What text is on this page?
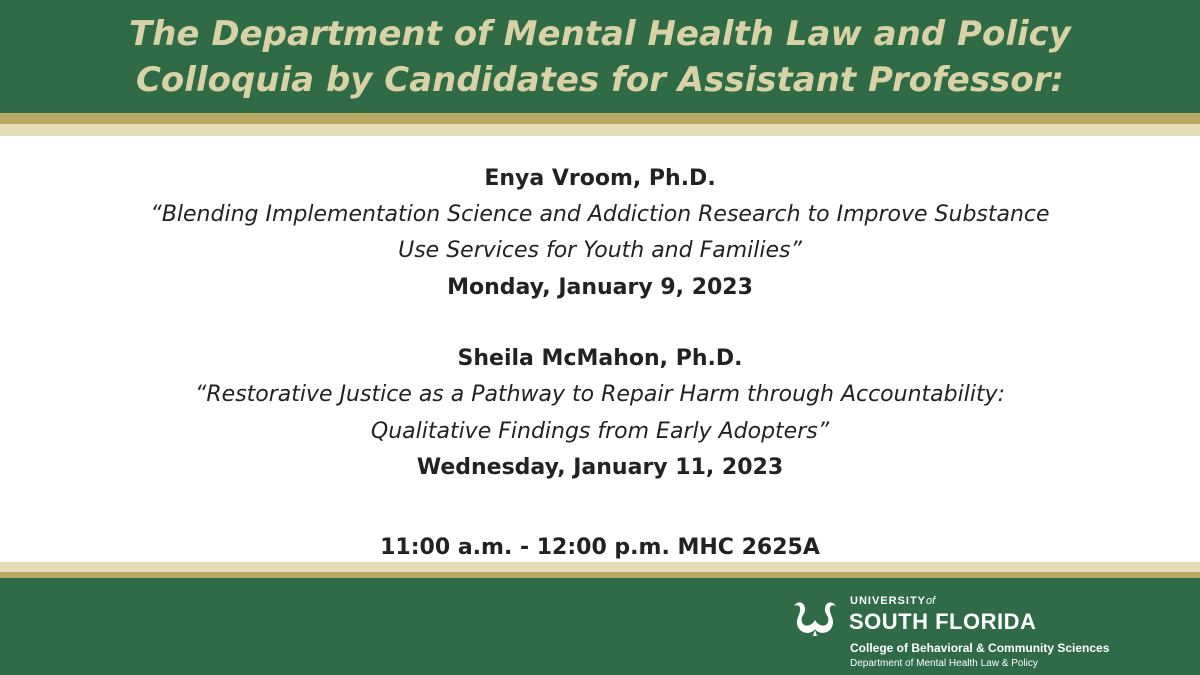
The Department of Mental Health Law and Policy
Colloquia by Candidates for Assistant Professor:
Enya Vroom, Ph.D.
“Blending Implementation Science and Addiction Research to Improve Substance
Use Services for Youth and Families”
Monday, January 9, 2023
Sheila McMahon, Ph.D.
“Restorative Justice as a Pathway to Repair Harm through Accountability:
Qualitative Findings from Early Adopters”
Wednesday, January 11, 2023
11:00 a.m. - 12:00 p.m. MHC 2625A
UNIVERSITYof
SOUTH FLORIDA
College of Behavioral & Community Sciences
Department of Mental Health Law & Policy
